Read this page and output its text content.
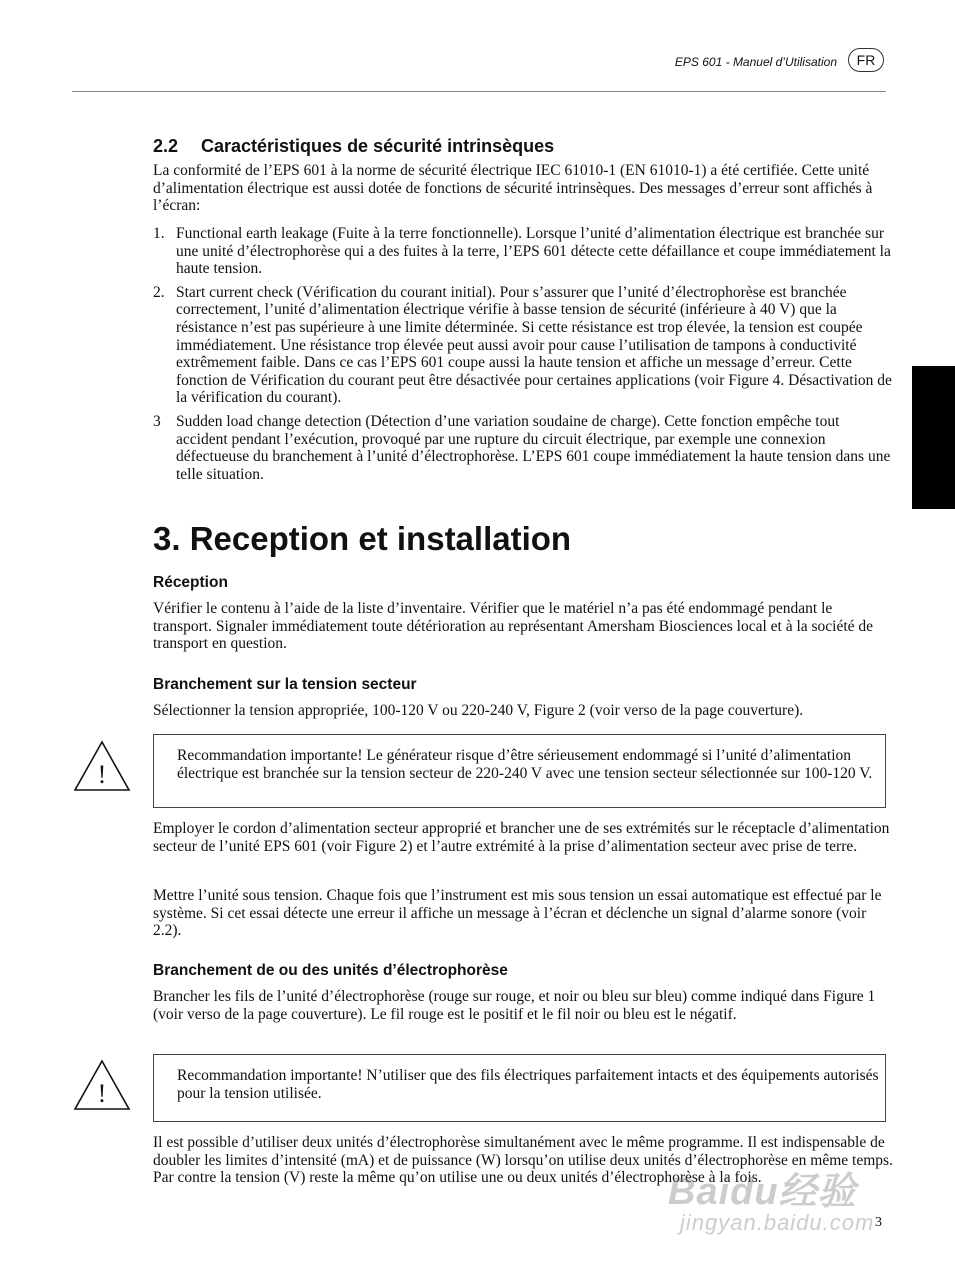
EPS 601 - Manuel d’Utilisation	FR
2.2 Caractéristiques de sécurité intrinsèques
La conformité de l’EPS 601 à la norme de sécurité électrique IEC 61010-1 (EN 61010-1) a été certifiée. Cette unité d’alimentation électrique est aussi dotée de fonctions de sécurité intrinsèques. Des messages d’erreur sont affichés à l’écran:
1. Functional earth leakage (Fuite à la terre fonctionnelle). Lorsque l’unité d’alimentation électrique est branchée sur une unité d’électrophorèse qui a des fuites à la terre, l’EPS 601 détecte cette défaillance et coupe immédiatement la haute tension.
2. Start current check (Vérification du courant initial). Pour s’assurer que l’unité d’électrophorèse est branchée correctement, l’unité d’alimentation électrique vérifie à basse tension de sécurité (inférieure à 40 V) que la résistance n’est pas supérieure à une limite déterminée. Si cette résistance est trop élevée, la tension est coupée immédiatement. Une résistance trop élevée peut aussi avoir pour cause l’utilisation de tampons à conductivité extrêmement faible. Dans ce cas l’EPS 601 coupe aussi la haute tension et affiche un message d’erreur. Cette fonction de Vérification du courant peut être désactivée pour certaines applications (voir Figure 4. Désactivation de la vérification du courant).
3 Sudden load change detection (Détection d’une variation soudaine de charge). Cette fonction empêche tout accident pendant l’exécution, provoqué par une rupture du circuit électrique, par exemple une connexion défectueuse du branchement à l’unité d’électrophorèse. L’EPS 601 coupe immédiatement la haute tension dans une telle situation.
3. Reception et installation
Réception
Vérifier le contenu à l’aide de la liste d’inventaire. Vérifier que le matériel n’a pas été endommagé pendant le transport. Signaler immédiatement toute détérioration au représentant Amersham Biosciences local et à la société de transport en question.
Branchement sur la tension secteur
Sélectionner la tension appropriée, 100-120 V ou 220-240 V, Figure 2 (voir verso de la page couverture).
!
Recommandation importante! Le générateur risque d’être sérieusement endommagé si l’unité d’alimentation électrique est branchée sur la tension secteur de 220-240 V avec une tension secteur sélectionnée sur 100-120 V.
Employer le cordon d’alimentation secteur approprié et brancher une de ses extrémités sur le réceptacle d’alimentation secteur de l’unité EPS 601 (voir Figure 2) et l’autre extrémité à la prise d’alimentation secteur avec prise de terre.
Mettre l’unité sous tension. Chaque fois que l’instrument est mis sous tension un essai automatique est effectué par le système. Si cet essai détecte une erreur il affiche un message à l’écran et déclenche un signal d’alarme sonore (voir 2.2).
Branchement de ou des unités d’électrophorèse
Brancher les fils de l’unité d’électrophorèse (rouge sur rouge, et noir ou bleu sur bleu) comme indiqué dans Figure 1 (voir verso de la page couverture). Le fil rouge est le positif et le fil noir ou bleu est le négatif.
!
Recommandation importante! N’utiliser que des fils électriques parfaitement intacts et des équipements autorisés pour la tension utilisée.
Il est possible d’utiliser deux unités d’électrophorèse simultanément avec le même programme. Il est indispensable de doubler les limites d’intensité (mA) et de puissance (W) lorsqu’on utilise deux unités d’électrophorèse en même temps. Par contre la tension (V) reste la même qu’on utilise une ou deux unités d’électrophorèse à la fois.
3
Baidu经验
jingyan.baidu.com
